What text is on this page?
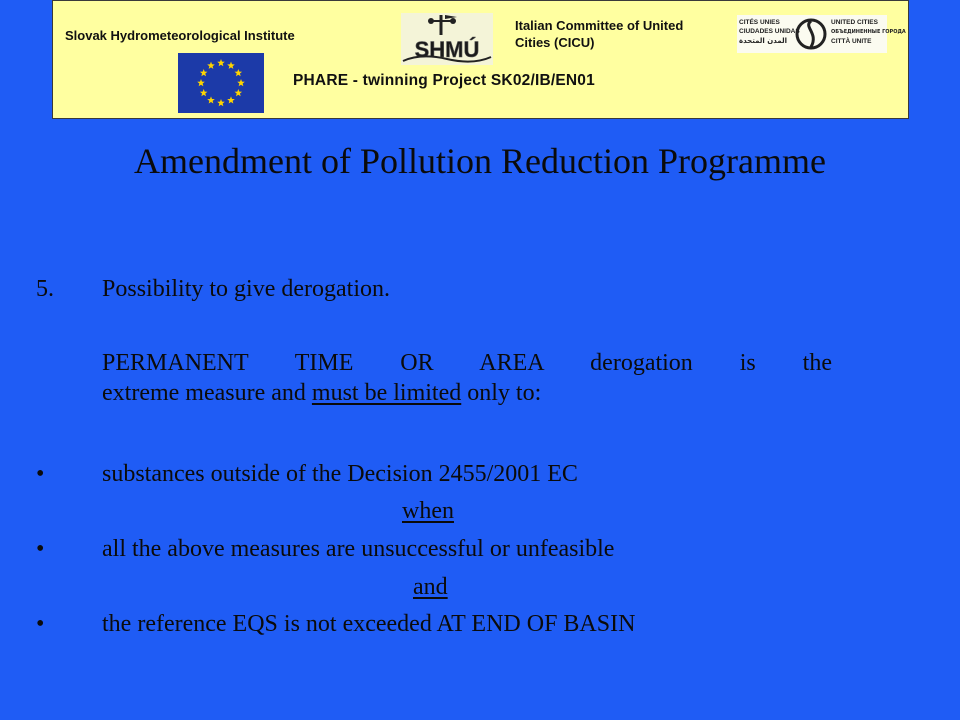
Slovak Hydrometeorological Institute
SHMÚ
Italian Committee of United Cities (CICU)
CITÉS UNIES
CIUDADES UNIDAS
المدن المتحدة
UNITED CITIES
ОБЪЕДИНЕННЫЕ ГОРОДА
CITTÀ UNITE
PHARE - twinning Project SK02/IB/EN01
Amendment of Pollution Reduction Programme
5. Possibility to give derogation.
PERMANENT TIME OR AREA derogation is the
extreme measure and must be limited only to:
• substances outside of the Decision 2455/2001 EC
when
• all the above measures are unsuccessful or unfeasible
and
• the reference EQS is not exceeded AT END OF BASIN
